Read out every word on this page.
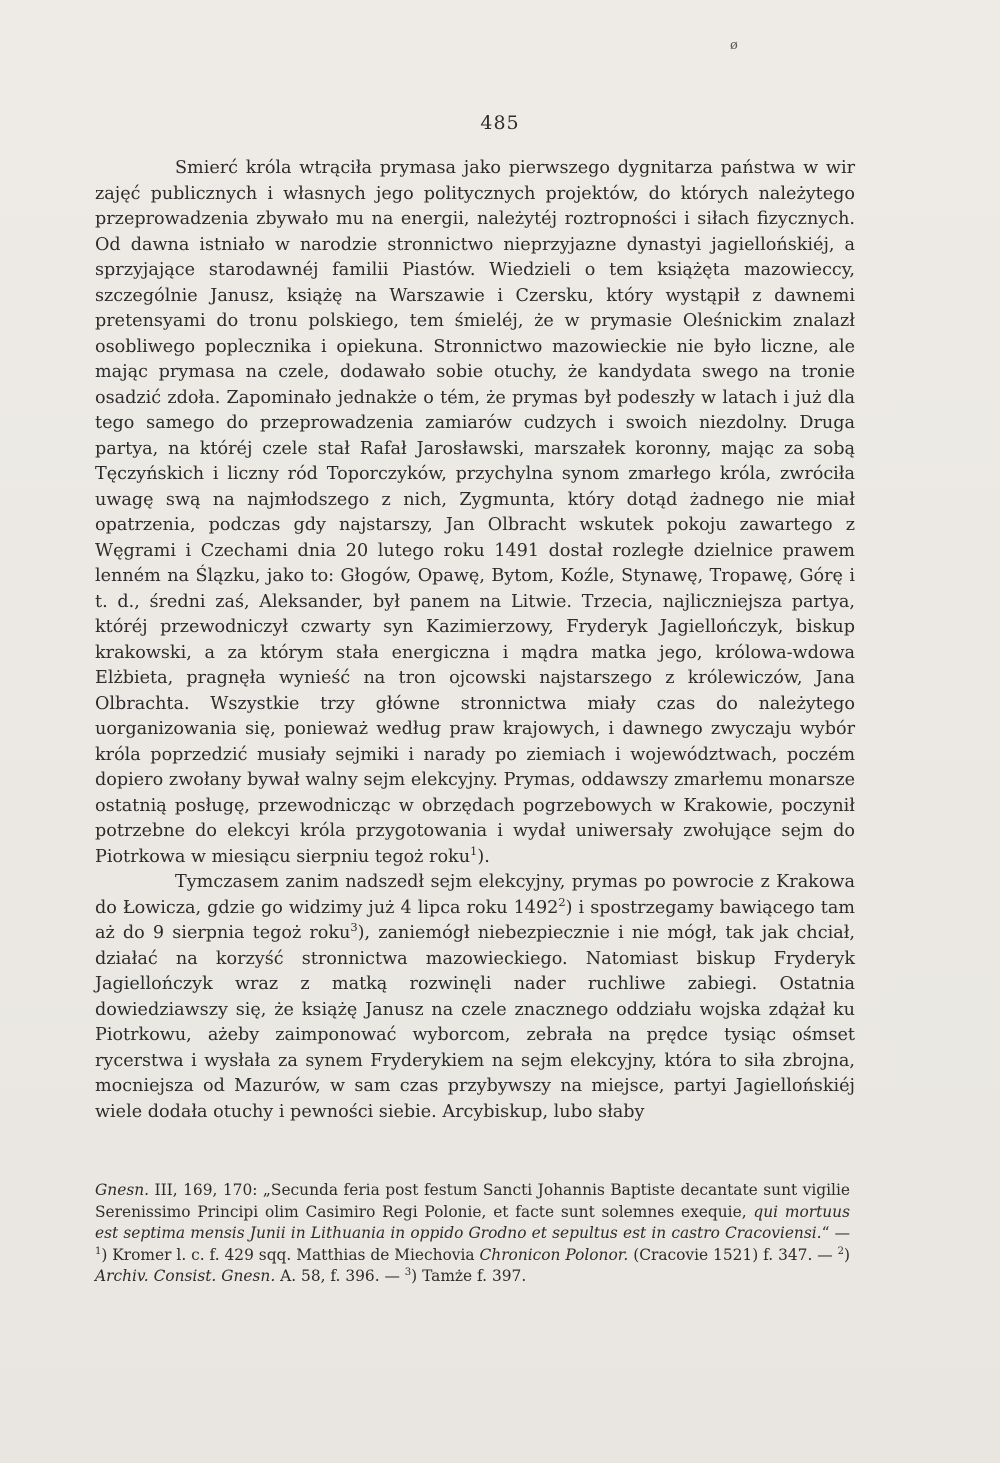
ø
485

Smierć króla wtrąciła prymasa jako pierwszego dygnitarza państwa w wir zajęć publicznych i własnych jego politycznych projektów, do których należytego przeprowadzenia zbywało mu na energii, należytéj roztropności i siłach fizycznych. Od dawna istniało w narodzie stronnictwo nieprzyjazne dynastyi jagiellońskiéj, a sprzyjające starodawnéj familii Piastów. Wiedzieli o tem książęta mazowieccy, szczególnie Janusz, książę na Warszawie i Czersku, który wystąpił z dawnemi pretensyami do tronu polskiego, tem śmieléj, że w prymasie Oleśnickim znalazł osobliwego poplecznika i opiekuna. Stronnictwo mazowieckie nie było liczne, ale mając prymasa na czele, dodawało sobie otuchy, że kandydata swego na tronie osadzić zdoła. Zapominało jednakże o tém, że prymas był podeszły w latach i już dla tego samego do przeprowadzenia zamiarów cudzych i swoich niezdolny. Druga partya, na któréj czele stał Rafał Jarosławski, marszałek koronny, mając za sobą Tęczyńskich i liczny ród Toporczyków, przychylna synom zmarłego króla, zwróciła uwagę swą na najmłodszego z nich, Zygmunta, który dotąd żadnego nie miał opatrzenia, podczas gdy najstarszy, Jan Olbracht wskutek pokoju zawartego z Węgrami i Czechami dnia 20 lutego roku 1491 dostał rozległe dzielnice prawem lenném na Ślązku, jako to: Głogów, Opawę, Bytom, Koźle, Stynawę, Tropawę, Górę i t. d., średni zaś, Aleksander, był panem na Litwie. Trzecia, najliczniejsza partya, któréj przewodniczył czwarty syn Kazimierzowy, Fryderyk Jagiellończyk, biskup krakowski, a za którym stała energiczna i mądra matka jego, królowa-wdowa Elżbieta, pragnęła wynieść na tron ojcowski najstarszego z królewiczów, Jana Olbrachta. Wszystkie trzy główne stronnictwa miały czas do należytego uorganizowania się, ponieważ według praw krajowych, i dawnego zwyczaju wybór króla poprzedzić musiały sejmiki i narady po ziemiach i województwach, poczém dopiero zwołany bywał walny sejm elekcyjny. Prymas, oddawszy zmarłemu monarsze ostatnią posługę, przewodnicząc w obrzędach pogrzebowych w Krakowie, poczynił potrzebne do elekcyi króla przygotowania i wydał uniwersały zwołujące sejm do Piotrkowa w miesiącu sierpniu tegoż roku$^1$).

Tymczasem zanim nadszedł sejm elekcyjny, prymas po powrocie z Krakowa do Łowicza, gdzie go widzimy już 4 lipca roku 1492$^2$) i spostrzegamy bawiącego tam aż do 9 sierpnia tegoż roku$^3$), zaniemógł niebezpiecznie i nie mógł, tak jak chciał, działać na korzyść stronnictwa mazowieckiego. Natomiast biskup Fryderyk Jagiellończyk wraz z matką rozwinęli nader ruchliwe zabiegi. Ostatnia dowiedziawszy się, że książę Janusz na czele znacznego oddziału wojska zdążał ku Piotrkowu, ażeby zaimponować wyborcom, zebrała na prędce tysiąc ośmset rycerstwa i wysłała za synem Fryderykiem na sejm elekcyjny, która to siła zbrojna, mocniejsza od Mazurów, w sam czas przybywszy na miejsce, partyi Jagiellońskiéj wiele dodała otuchy i pewności siebie. Arcybiskup, lubo słaby

Gnesn. III, 169, 170: „Secunda feria post festum Sancti Johannis Baptiste decantate sunt vigilie Serenissimo Principi olim Casimiro Regi Polonie, et facte sunt solemnes exequie, qui mortuus est septima mensis Junii in Lithuania in oppido Grodno et sepultus est in castro Cracoviensi.“ — $^1$) Kromer l. c. f. 429 sqq. Matthias de Miechovia Chronicon Polonor. (Cracovie 1521) f. 347. — $^2$) Archiv. Consist. Gnesn. A. 58, f. 396. — $^3$) Tamże f. 397.
